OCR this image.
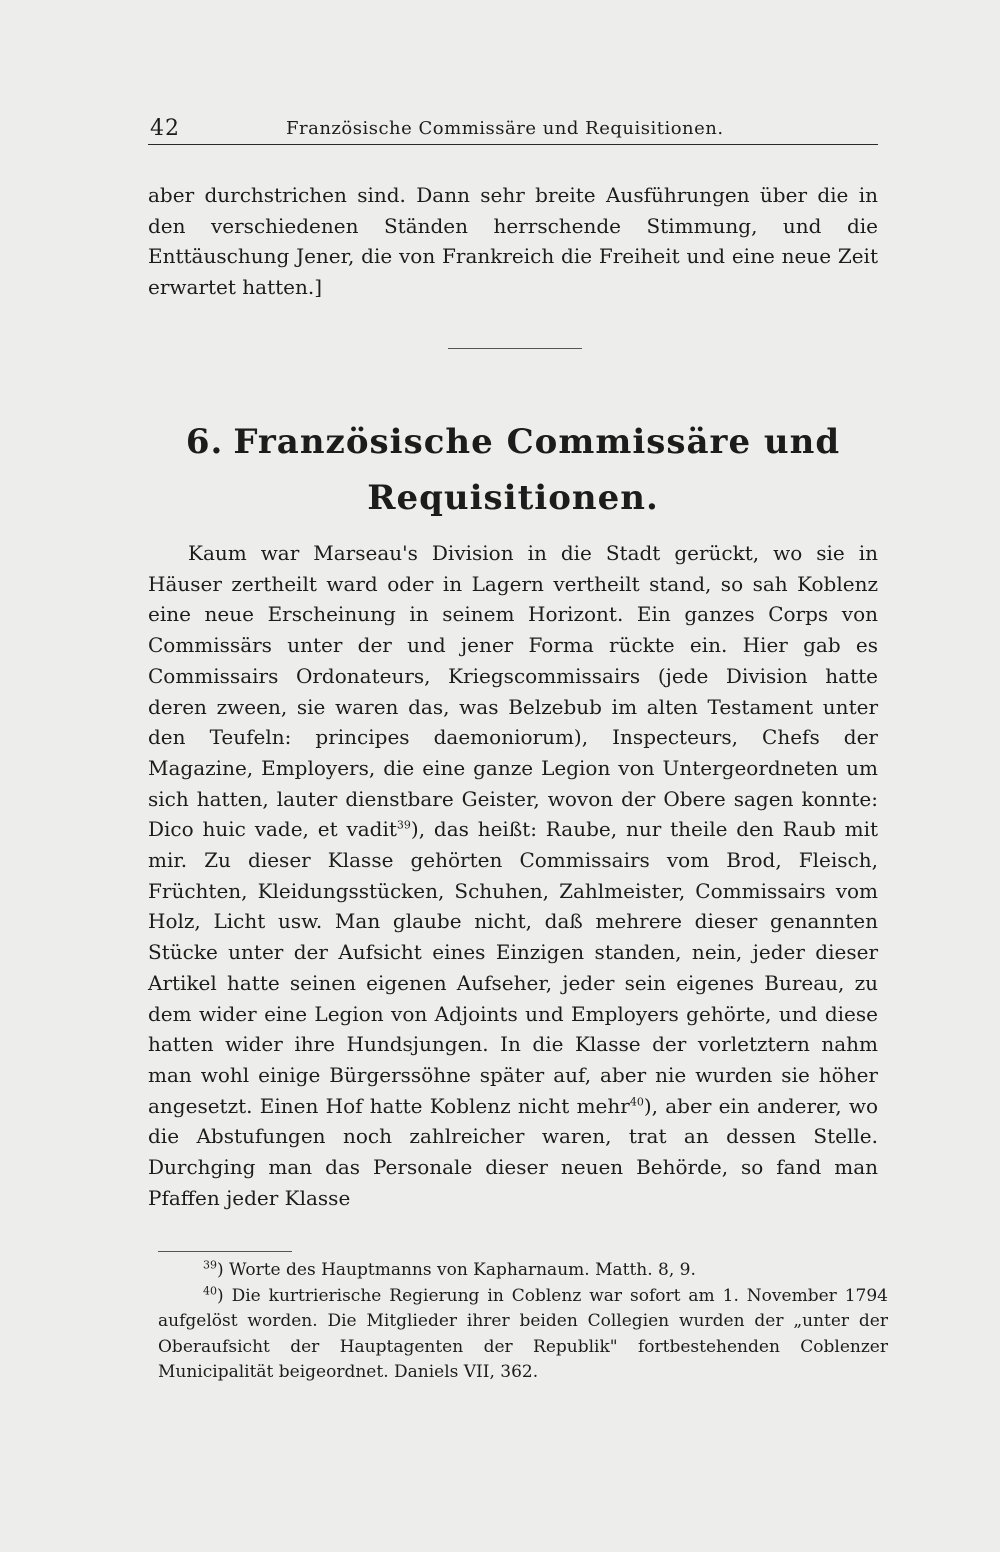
42	Französische Commissäre und Requisitionen.

aber durchstrichen sind. Dann sehr breite Ausführungen über die in den verschiedenen Ständen herrschende Stimmung, und die Enttäuschung Jener, die von Frankreich die Freiheit und eine neue Zeit erwartet hatten.]

6. Französische Commissäre und Requisitionen.

Kaum war Marseau's Division in die Stadt gerückt, wo sie in Häuser zertheilt ward oder in Lagern vertheilt stand, so sah Koblenz eine neue Erscheinung in seinem Horizont. Ein ganzes Corps von Commissärs unter der und jener Forma rückte ein. Hier gab es Commissairs Ordonateurs, Kriegscommissairs (jede Division hatte deren zween, sie waren das, was Belzebub im alten Testament unter den Teufeln: principes daemoniorum), Inspecteurs, Chefs der Magazine, Employers, die eine ganze Legion von Untergeordneten um sich hatten, lauter dienstbare Geister, wovon der Obere sagen konnte: Dico huic vade, et vadit$^{39}$), das heißt: Raube, nur theile den Raub mit mir. Zu dieser Klasse gehörten Commissairs vom Brod, Fleisch, Früchten, Kleidungsstücken, Schuhen, Zahlmeister, Commissairs vom Holz, Licht usw. Man glaube nicht, daß mehrere dieser genannten Stücke unter der Aufsicht eines Einzigen standen, nein, jeder dieser Artikel hatte seinen eigenen Aufseher, jeder sein eigenes Bureau, zu dem wider eine Legion von Adjoints und Employers gehörte, und diese hatten wider ihre Hundsjungen. In die Klasse der vorletztern nahm man wohl einige Bürgerssöhne später auf, aber nie wurden sie höher angesetzt. Einen Hof hatte Koblenz nicht mehr$^{40}$), aber ein anderer, wo die Abstufungen noch zahlreicher waren, trat an dessen Stelle. Durchging man das Personale dieser neuen Behörde, so fand man Pfaffen jeder Klasse

$^{39}$) Worte des Hauptmanns von Kapharnaum. Matth. 8, 9.

$^{40}$) Die kurtrierische Regierung in Coblenz war sofort am 1. November 1794 aufgelöst worden. Die Mitglieder ihrer beiden Collegien wurden der „unter der Oberaufsicht der Hauptagenten der Republik" fortbestehenden Coblenzer Municipalität beigeordnet. Daniels VII, 362.
